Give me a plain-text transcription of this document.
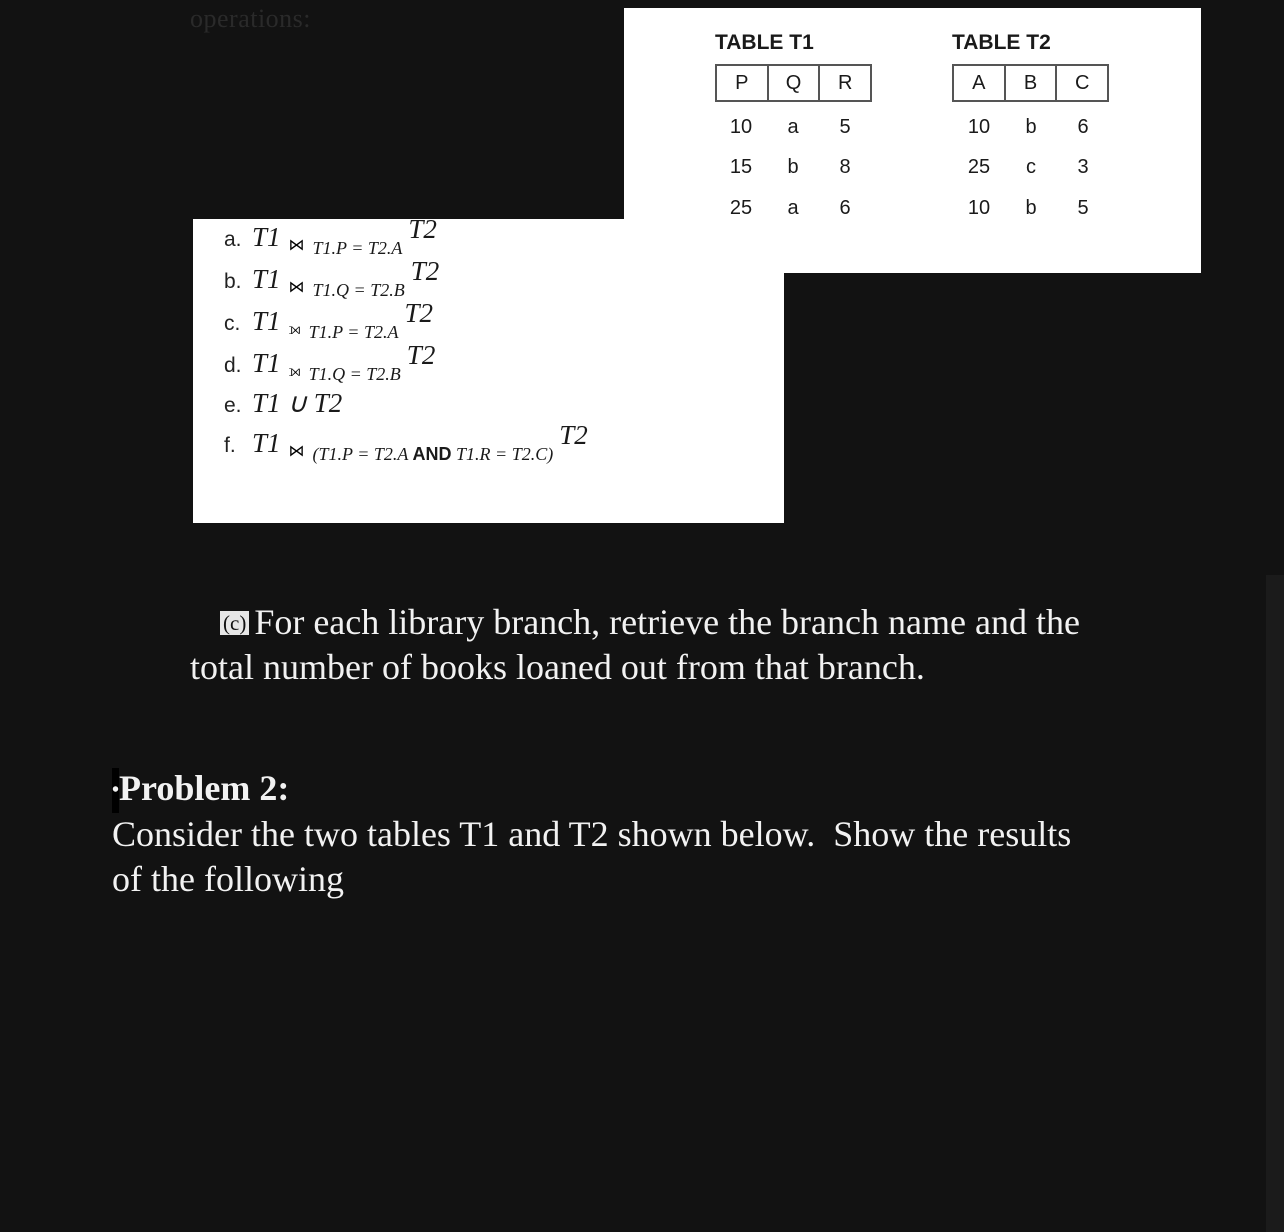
operations:
TABLE T1
P	Q	R
10	a	5
15	b	8
25	a	6
TABLE T2
A	B	C
10	b	6
25	c	3
10	b	5
a. T1 ⋈ T1.P = T2.A
T2
b. T1 ⋈ T1.Q = T2.B
T2
c. T1 ⟕ T1.P = T2.A
T2
d. T1 ⟕ T1.Q = T2.B
T2
e. T1 ∪ T2
f. T1 ⋈ (T1.P = T2.A AND T1.R = T2.C)
T2
(c) For each library branch, retrieve the branch name and the
total number of books loaned out from that branch.
•Problem 2:
Consider the two tables T1 and T2 shown below.  Show the results
of the following
